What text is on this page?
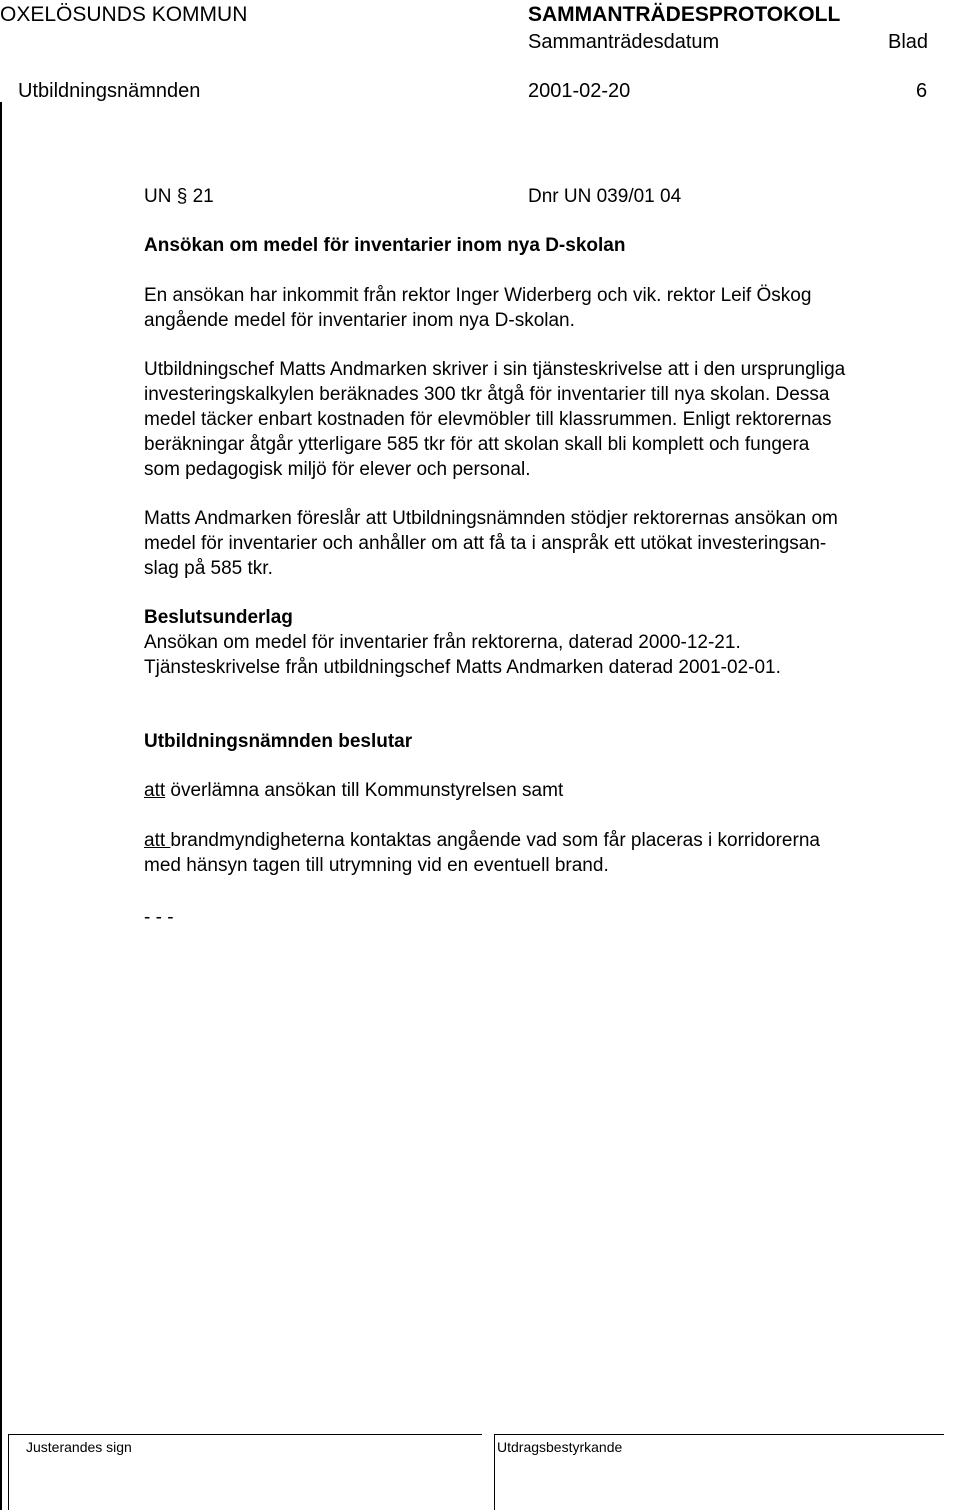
OXELÖSUNDS KOMMUN	SAMMANTRÄDESPROTOKOLL
Sammanträdesdatum	Blad
Utbildningsnämnden	2001-02-20	6
UN § 21	Dnr UN 039/01 04
Ansökan om medel för inventarier inom nya D-skolan
En ansökan har inkommit från rektor Inger Widerberg och vik. rektor Leif Öskog
angående medel för inventarier inom nya D-skolan.
Utbildningschef Matts Andmarken skriver i sin tjänsteskrivelse att i den ursprungliga
investeringskalkylen beräknades 300 tkr åtgå för inventarier till nya skolan. Dessa
medel täcker enbart kostnaden för elevmöbler till klassrummen. Enligt rektorernas
beräkningar åtgår ytterligare 585 tkr för att skolan skall bli komplett och fungera
som pedagogisk miljö för elever och personal.
Matts Andmarken föreslår att Utbildningsnämnden stödjer rektorernas ansökan om
medel för inventarier och anhåller om att få ta i anspråk ett utökat investeringsan-
slag på 585 tkr.
Beslutsunderlag
Ansökan om medel för inventarier från rektorerna, daterad 2000-12-21.
Tjänsteskrivelse från utbildningschef Matts Andmarken daterad 2001-02-01.
Utbildningsnämnden beslutar
att överlämna ansökan till Kommunstyrelsen samt
att brandmyndigheterna kontaktas angående vad som får placeras i korridorerna
med hänsyn tagen till utrymning vid en eventuell brand.
- - -
Justerandes sign	Utdragsbestyrkande
